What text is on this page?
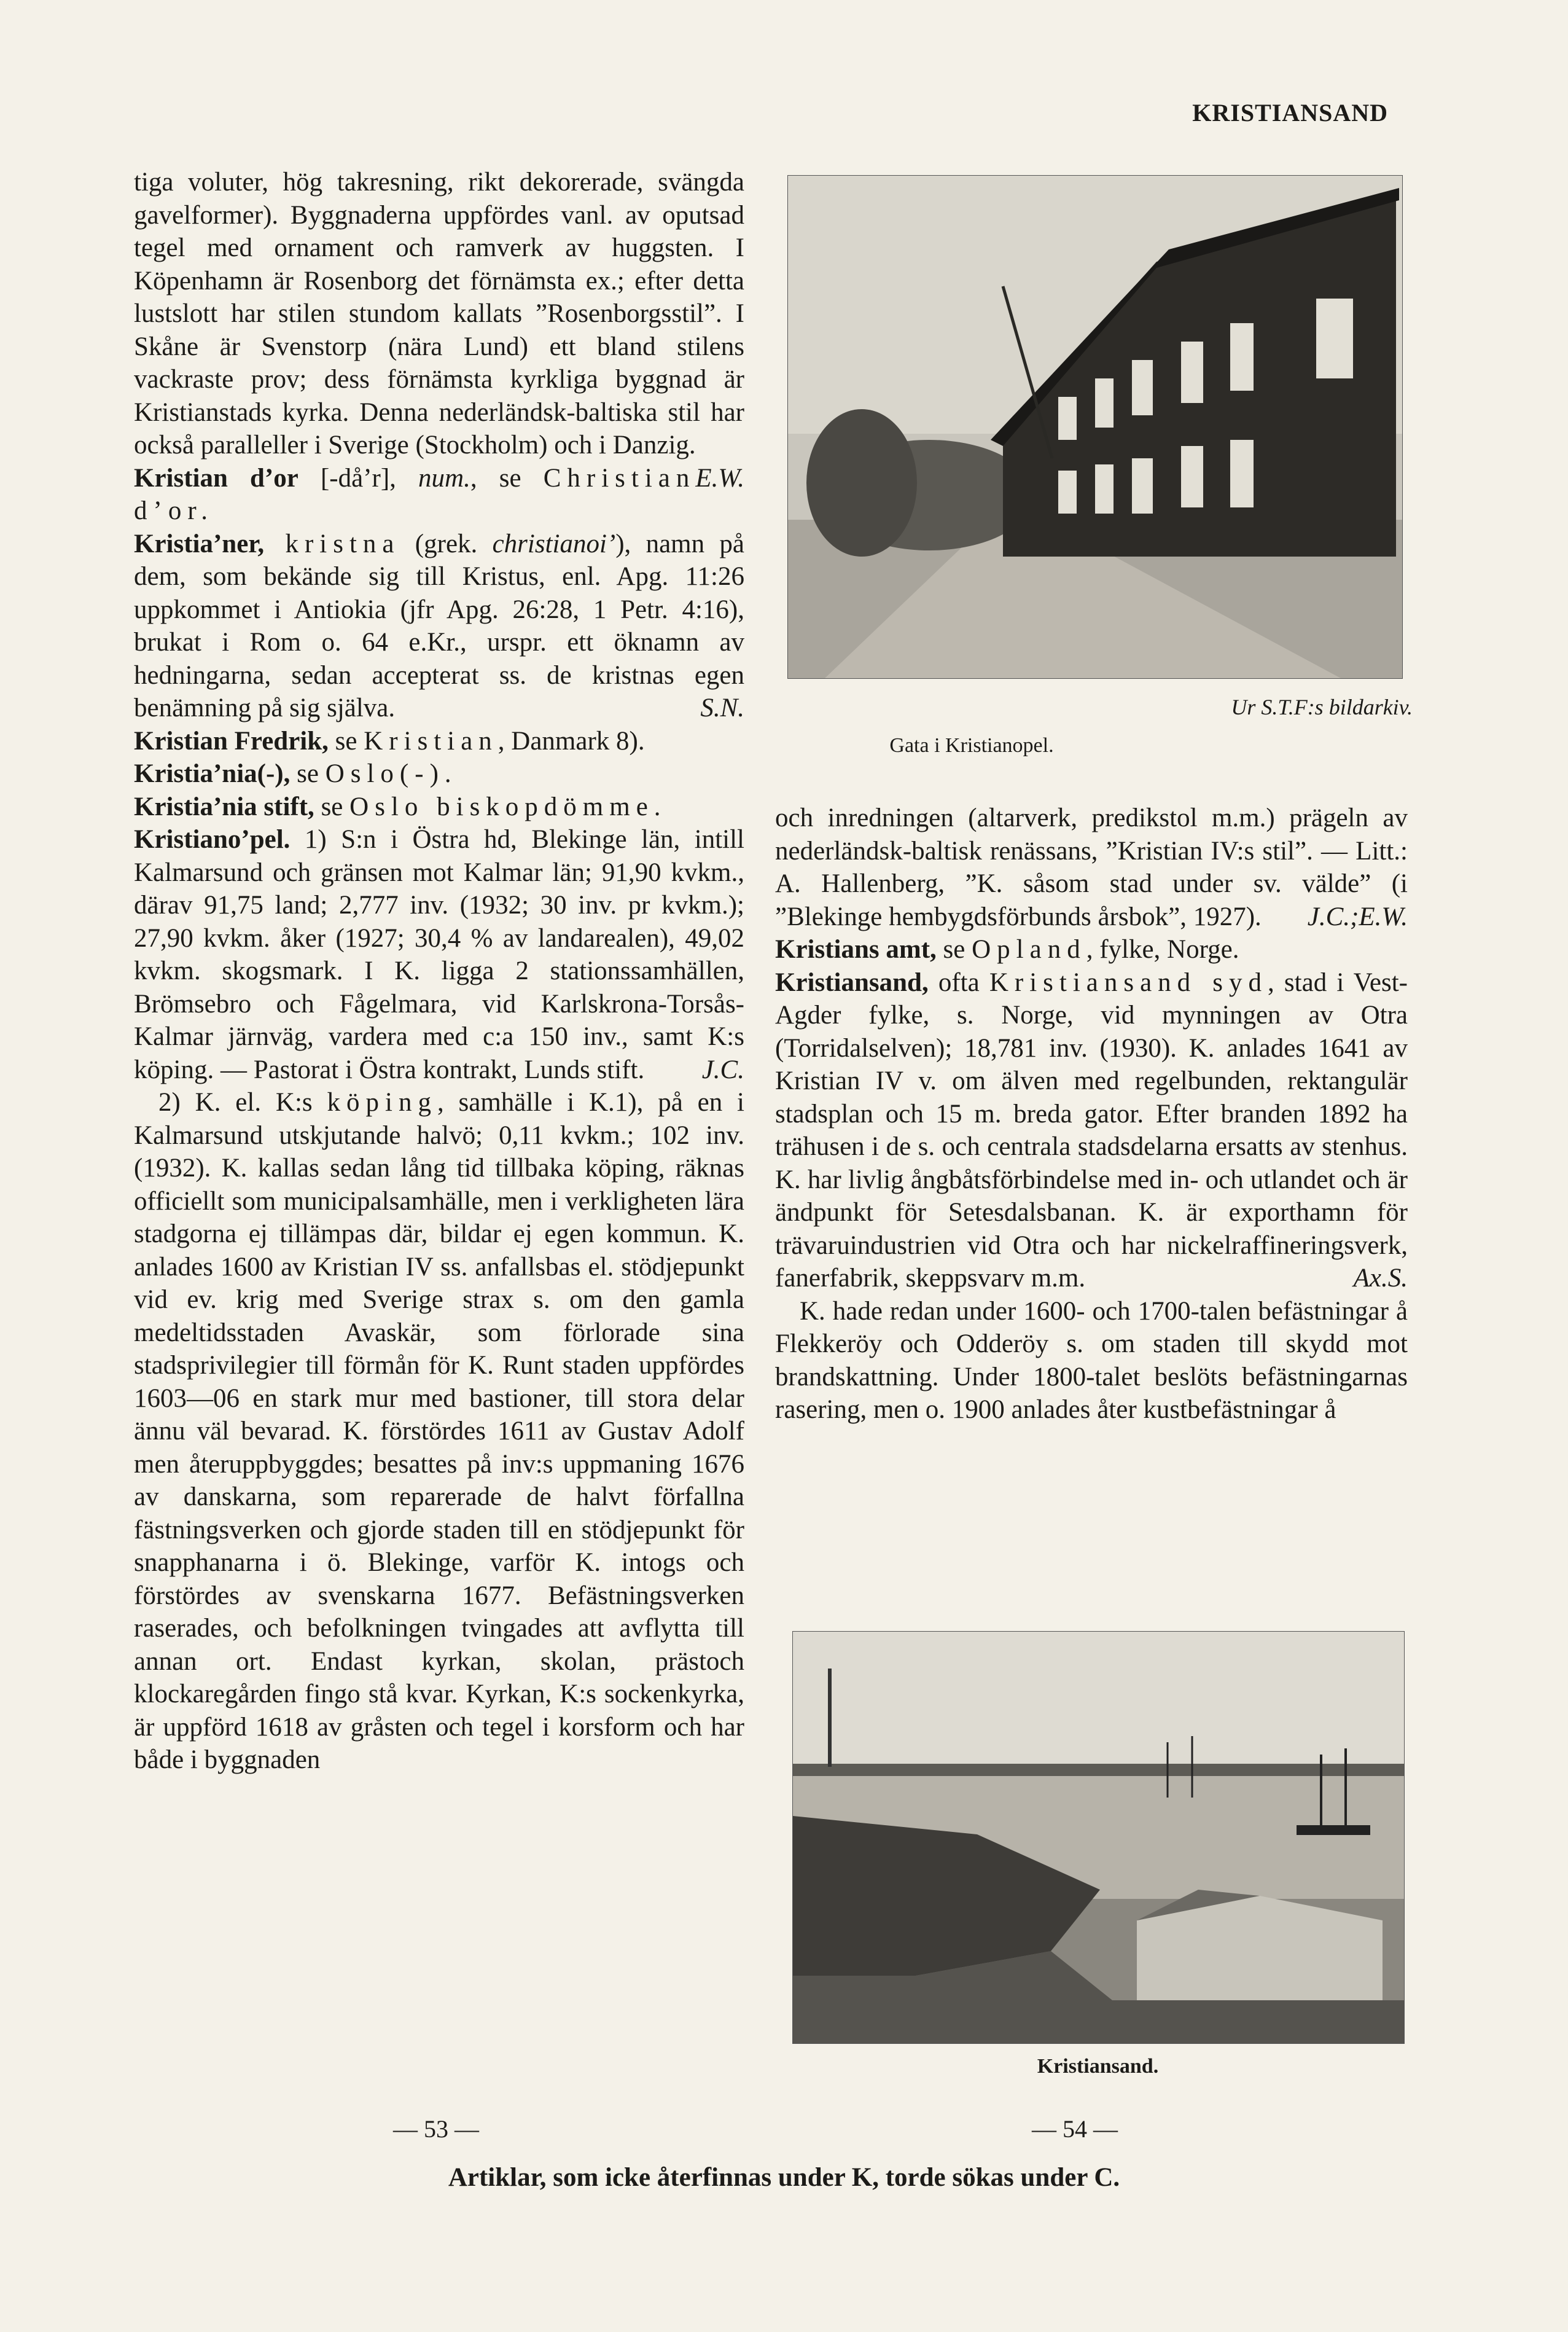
KRISTIANSAND

tiga voluter, hög takresning, rikt dekorerade, svängda gavelformer). Byggnaderna uppfördes vanl. av oputsad tegel med ornament och ramverk av huggsten. I Köpenhamn är Rosenborg det förnämsta ex.; efter detta lustslott har stilen stundom kallats ”Rosenborgsstil”. I Skåne är Svenstorp (nära Lund) ett bland stilens vackraste prov; dess förnämsta kyrkliga byggnad är Kristianstads kyrka. Denna nederländsk-baltiska stil har också paralleller i Sverige (Stockholm) och i Danzig.
E.W.

Kristian d’or [-då’r], num., se Christian d’or.

Kristia’ner, kristna (grek. christianoi’), namn på dem, som bekände sig till Kristus, enl. Apg. 11:26 uppkommet i Antiokia (jfr Apg. 26:28, 1 Petr. 4:16), brukat i Rom o. 64 e.Kr., urspr. ett öknamn av hedningarna, sedan accepterat ss. de kristnas egen benämning på sig själva.	S.N.

Kristian Fredrik, se Kristian, Danmark 8).

Kristia’nia(-), se Oslo(-).

Kristia’nia stift, se Oslo biskopdömme.

Kristiano’pel. 1) S:n i Östra hd, Blekinge län, intill Kalmarsund och gränsen mot Kalmar län; 91,90 kvkm., därav 91,75 land; 2,777 inv. (1932; 30 inv. pr kvkm.); 27,90 kvkm. åker (1927; 30,4 % av landarealen), 49,02 kvkm. skogsmark. I K. ligga 2 stationssamhällen, Brömsebro och Fågelmara, vid Karlskrona-Torsås-Kalmar järnväg, vardera med c:a 150 inv., samt K:s köping. — Pastorat i Östra kontrakt, Lunds stift. J.C.

2) K. el. K:s köping, samhälle i K.1), på en i Kalmarsund utskjutande halvö; 0,11 kvkm.; 102 inv. (1932). K. kallas sedan lång tid tillbaka köping, räknas officiellt som municipalsamhälle, men i verkligheten lära stadgorna ej tillämpas där, bildar ej egen kommun. K. anlades 1600 av Kristian IV ss. anfallsbas el. stödjepunkt vid ev. krig med Sverige strax s. om den gamla medeltidsstaden Avaskär, som förlorade sina stadsprivilegier till förmån för K. Runt staden uppfördes 1603—06 en stark mur med bastioner, till stora delar ännu väl bevarad. K. förstördes 1611 av Gustav Adolf men återuppbyggdes; besattes på inv:s uppmaning 1676 av danskarna, som reparerade de halvt förfallna fästningsverken och gjorde staden till en stödjepunkt för snapphanarna i ö. Blekinge, varför K. intogs och förstördes av svenskarna 1677. Befästningsverken raserades, och befolkningen tvingades att avflytta till annan ort. Endast kyrkan, skolan, prästoch klockaregården fingo stå kvar. Kyrkan, K:s sockenkyrka, är uppförd 1618 av gråsten och tegel i korsform och har både i byggnaden

Ur S.T.F:s bildarkiv.
Gata i Kristianopel.

och inredningen (altarverk, predikstol m.m.) prägeln av nederländsk-baltisk renässans, ”Kristian IV:s stil”. — Litt.: A. Hallenberg, ”K. såsom stad under sv. välde” (i ”Blekinge hembygdsförbunds årsbok”, 1927). J.C.;E.W.

Kristians amt, se Opland, fylke, Norge.

Kristiansand, ofta Kristiansand syd, stad i Vest-Agder fylke, s. Norge, vid mynningen av Otra (Torridalselven); 18,781 inv. (1930). K. anlades 1641 av Kristian IV v. om älven med regelbunden, rektangulär stadsplan och 15 m. breda gator. Efter branden 1892 ha trähusen i de s. och centrala stadsdelarna ersatts av stenhus. K. har livlig ångbåtsförbindelse med in- och utlandet och är ändpunkt för Setesdalsbanan. K. är exporthamn för trävaruindustrien vid Otra och har nickelraffineringsverk, fanerfabrik, skeppsvarv m.m.	Ax.S.

K. hade redan under 1600- och 1700-talen befästningar å Flekkeröy och Odderöy s. om staden till skydd mot brandskattning. Under 1800-talet beslöts befästningarnas rasering, men o. 1900 anlades åter kustbefästningar å

Kristiansand.
— 53 —	— 54 —
Artiklar, som icke återfinnas under K, torde sökas under C.
